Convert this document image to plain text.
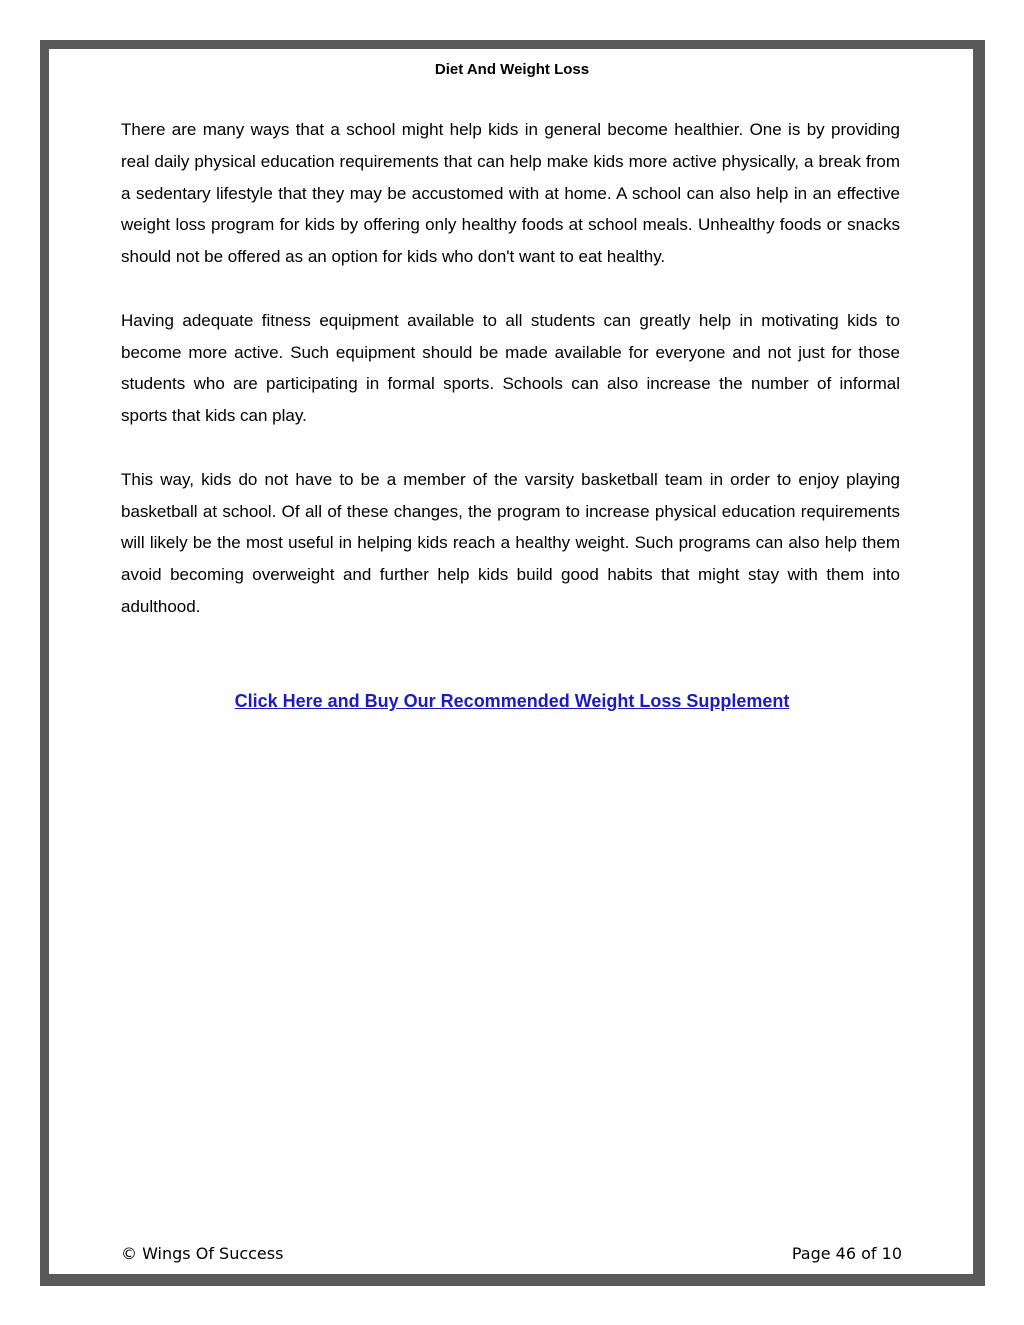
Diet And Weight Loss

There are many ways that a school might help kids in general become healthier. One is by providing real daily physical education requirements that can help make kids more active physically, a break from a sedentary lifestyle that they may be accustomed with at home. A school can also help in an effective weight loss program for kids by offering only healthy foods at school meals. Unhealthy foods or snacks should not be offered as an option for kids who don't want to eat healthy.

Having adequate fitness equipment available to all students can greatly help in motivating kids to become more active. Such equipment should be made available for everyone and not just for those students who are participating in formal sports. Schools can also increase the number of informal sports that kids can play.

This way, kids do not have to be a member of the varsity basketball team in order to enjoy playing basketball at school. Of all of these changes, the program to increase physical education requirements will likely be the most useful in helping kids reach a healthy weight. Such programs can also help them avoid becoming overweight and further help kids build good habits that might stay with them into adulthood.

Click Here and Buy Our Recommended Weight Loss Supplement
© Wings Of Success	Page 46 of 10
